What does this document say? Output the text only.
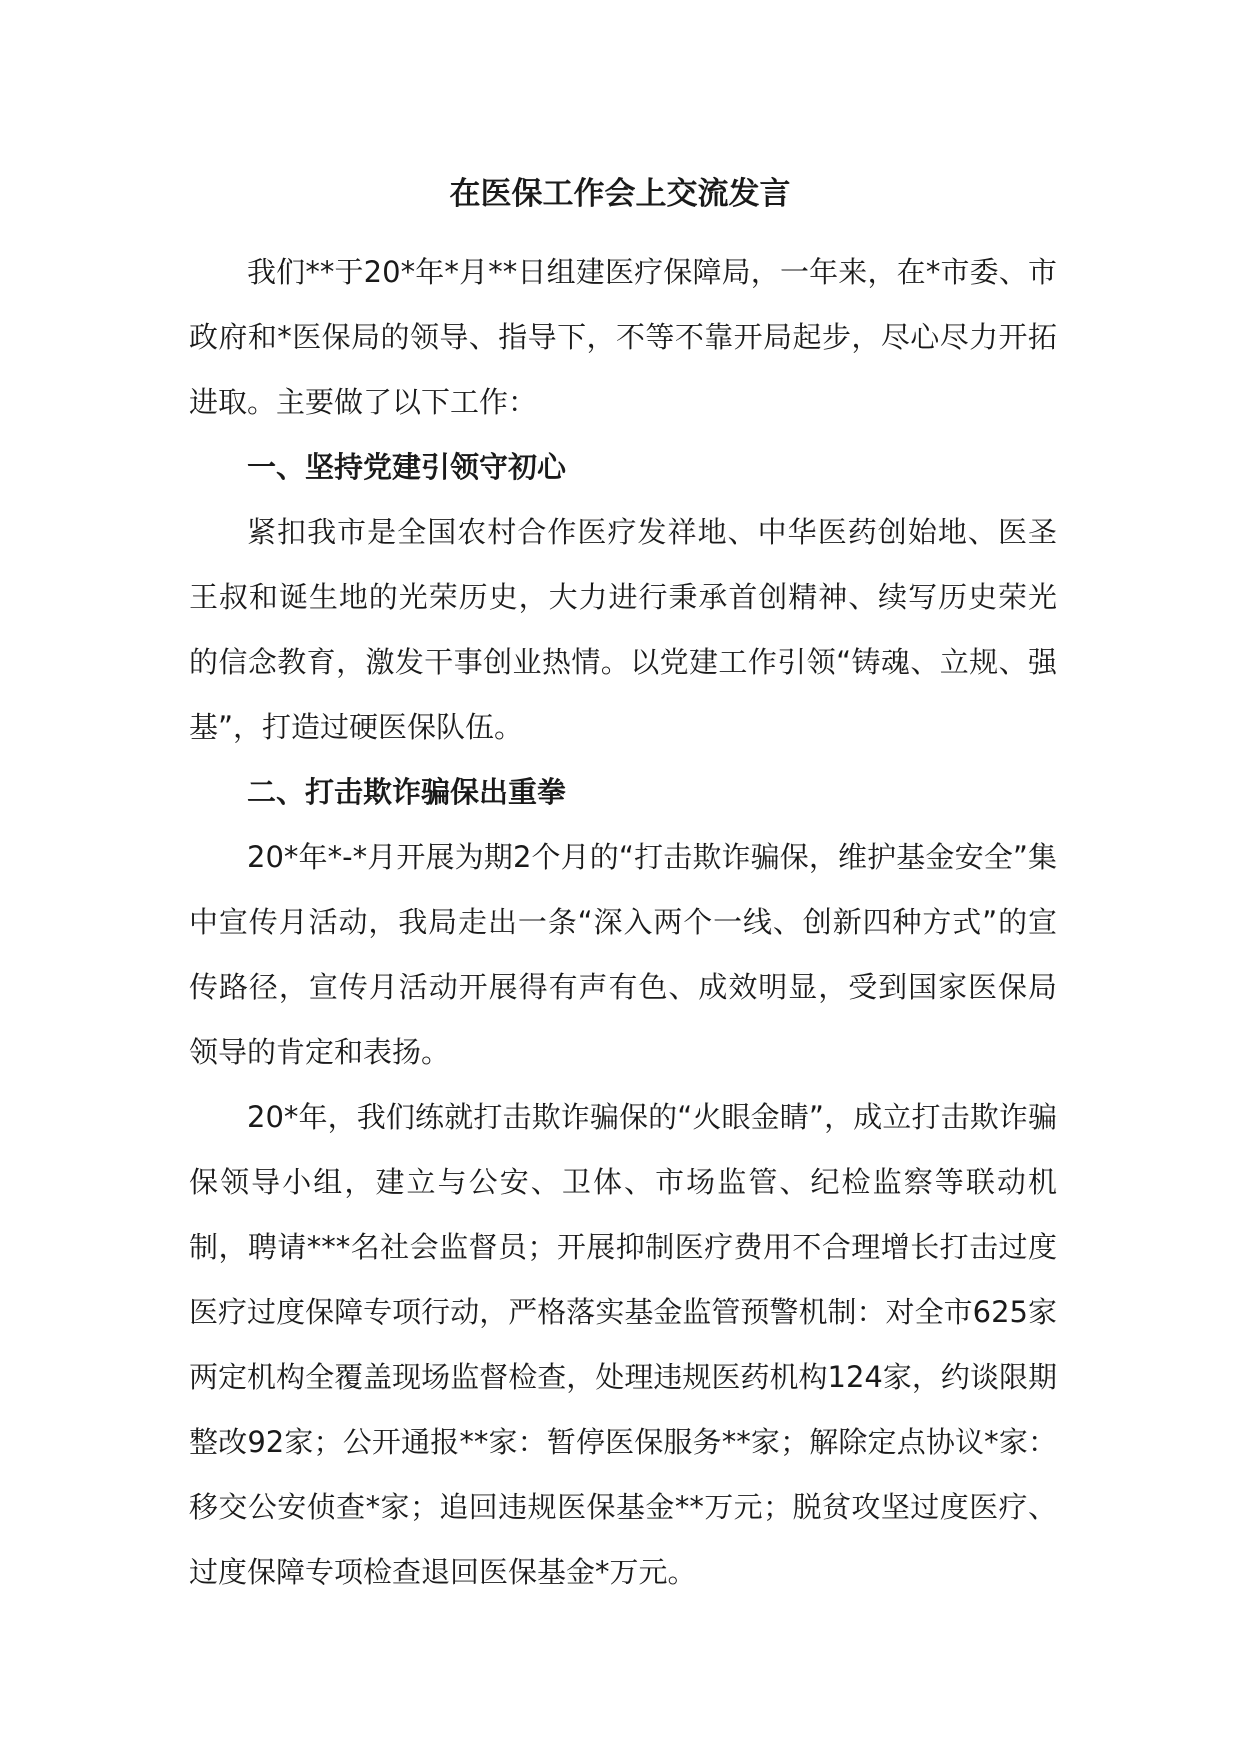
在医保工作会上交流发言

我们**于20*年*月**日组建医疗保障局，一年来，在*市委、市政府和*医保局的领导、指导下，不等不靠开局起步，尽心尽力开拓进取。主要做了以下工作：

一、坚持党建引领守初心

紧扣我市是全国农村合作医疗发祥地、中华医药创始地、医圣王叔和诞生地的光荣历史，大力进行秉承首创精神、续写历史荣光的信念教育，激发干事创业热情。以党建工作引领“铸魂、立规、强基”，打造过硬医保队伍。

二、打击欺诈骗保出重拳

20*年*-*月开展为期2个月的“打击欺诈骗保，维护基金安全”集中宣传月活动，我局走出一条“深入两个一线、创新四种方式”的宣传路径，宣传月活动开展得有声有色、成效明显，受到国家医保局领导的肯定和表扬。

20*年，我们练就打击欺诈骗保的“火眼金睛”，成立打击欺诈骗保领导小组，建立与公安、卫体、市场监管、纪检监察等联动机制，聘请***名社会监督员；开展抑制医疗费用不合理增长打击过度医疗过度保障专项行动，严格落实基金监管预警机制：对全市625家两定机构全覆盖现场监督检查，处理违规医药机构124家，约谈限期整改92家；公开通报**家：暂停医保服务**家；解除定点协议*家：移交公安侦查*家；追回违规医保基金**万元；脱贫攻坚过度医疗、过度保障专项检查退回医保基金*万元。
